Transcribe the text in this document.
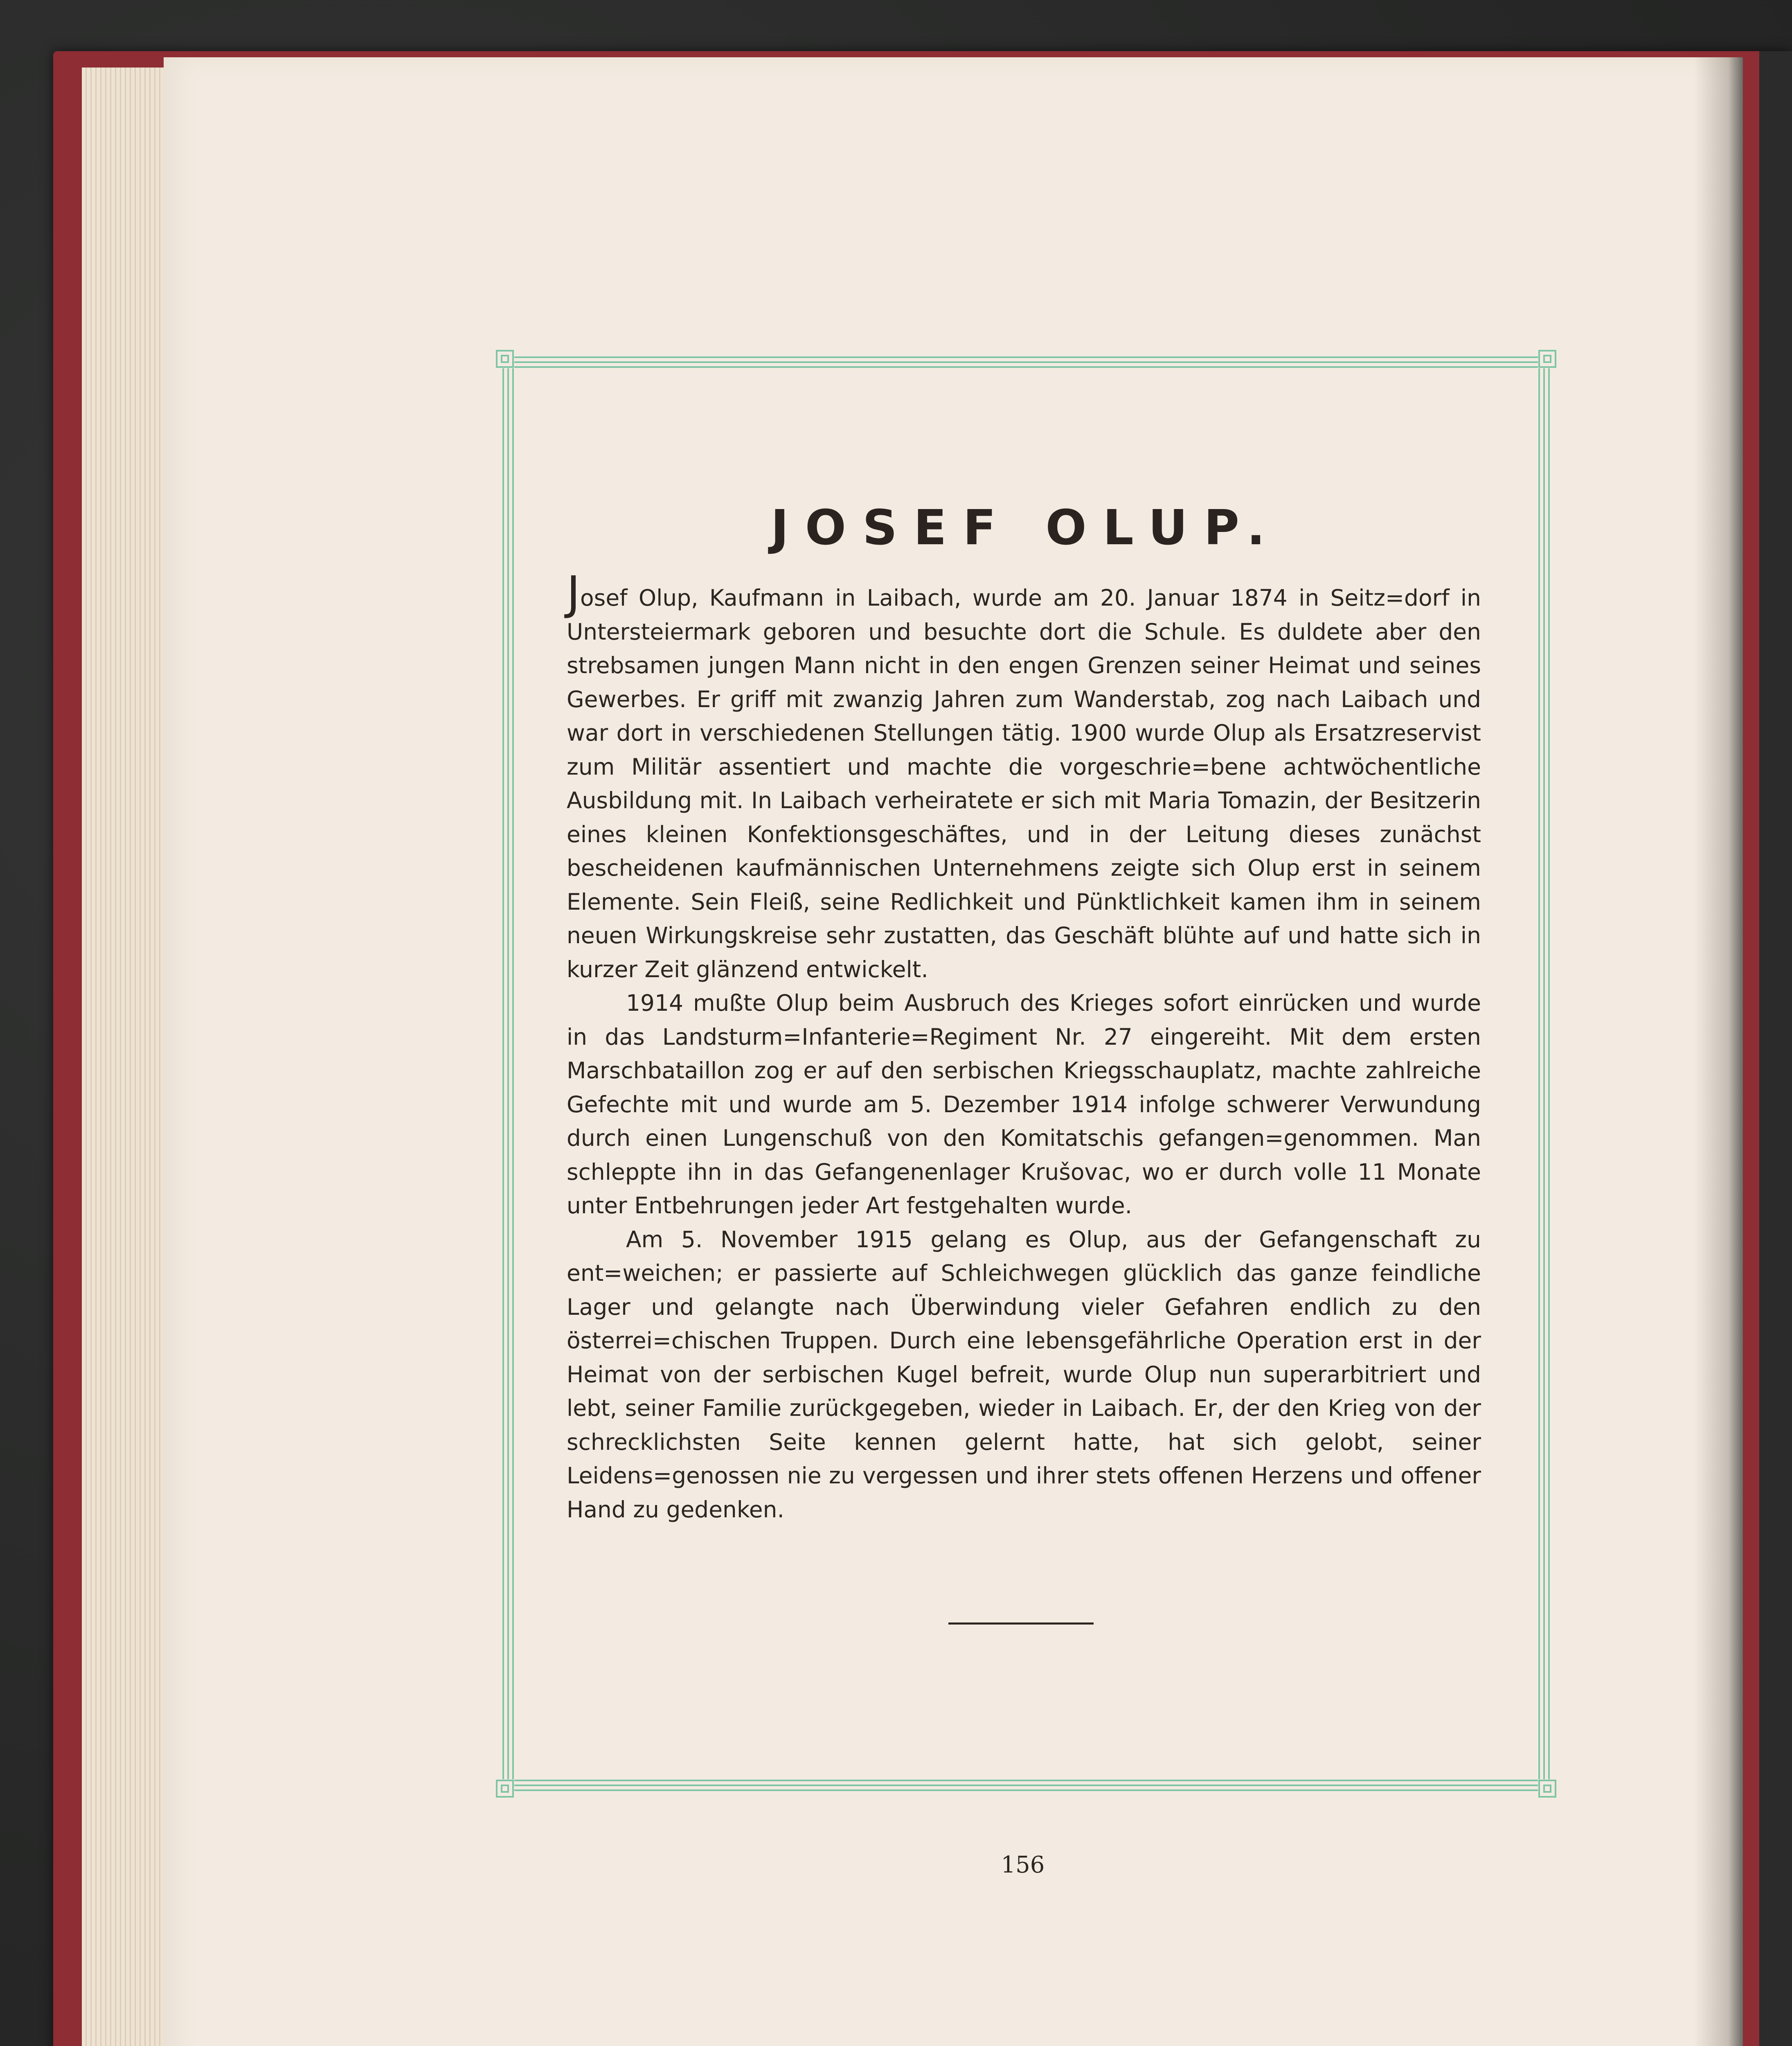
JOSEF OLUP.

Josef Olup, Kaufmann in Laibach, wurde am 20. Januar 1874 in Seitz=dorf in Untersteiermark geboren und besuchte dort die Schule. Es duldete aber den strebsamen jungen Mann nicht in den engen Grenzen seiner Heimat und seines Gewerbes. Er griff mit zwanzig Jahren zum Wanderstab, zog nach Laibach und war dort in verschiedenen Stellungen tätig. 1900 wurde Olup als Ersatzreservist zum Militär assentiert und machte die vorgeschrie=bene achtwöchentliche Ausbildung mit. In Laibach verheiratete er sich mit Maria Tomazin, der Besitzerin eines kleinen Konfektionsgeschäftes, und in der Leitung dieses zunächst bescheidenen kaufmännischen Unternehmens zeigte sich Olup erst in seinem Elemente. Sein Fleiß, seine Redlichkeit und Pünktlichkeit kamen ihm in seinem neuen Wirkungskreise sehr zustatten, das Geschäft blühte auf und hatte sich in kurzer Zeit glänzend entwickelt.

1914 mußte Olup beim Ausbruch des Krieges sofort einrücken und wurde in das Landsturm=Infanterie=Regiment Nr. 27 eingereiht. Mit dem ersten Marschbataillon zog er auf den serbischen Kriegsschauplatz, machte zahlreiche Gefechte mit und wurde am 5. Dezember 1914 infolge schwerer Verwundung durch einen Lungenschuß von den Komitatschis gefangen=genommen. Man schleppte ihn in das Gefangenenlager Krušovac, wo er durch volle 11 Monate unter Entbehrungen jeder Art festgehalten wurde.

Am 5. November 1915 gelang es Olup, aus der Gefangenschaft zu ent=weichen; er passierte auf Schleichwegen glücklich das ganze feindliche Lager und gelangte nach Überwindung vieler Gefahren endlich zu den österrei=chischen Truppen. Durch eine lebensgefährliche Operation erst in der Heimat von der serbischen Kugel befreit, wurde Olup nun superarbitriert und lebt, seiner Familie zurückgegeben, wieder in Laibach. Er, der den Krieg von der schrecklichsten Seite kennen gelernt hatte, hat sich gelobt, seiner Leidens=genossen nie zu vergessen und ihrer stets offenen Herzens und offener Hand zu gedenken.

156
